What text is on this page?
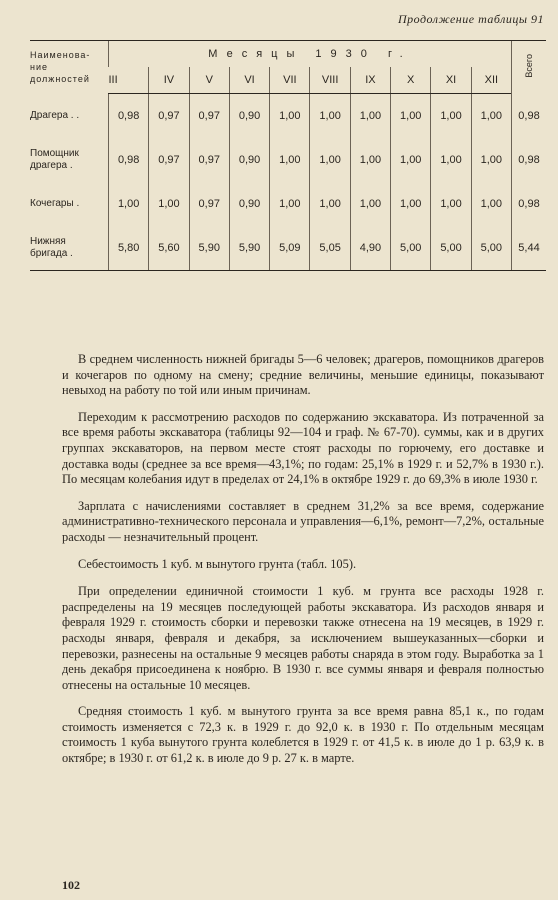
Продолжение таблицы 91
Наименова-
ние
должностей	Месяцы 1930 г.										Всего
	III	IV	V	VI	VII	VIII	IX	X	XI	XII	
Драгера . .	0,98	0,97	0,97	0,90	1,00	1,00	1,00	1,00	1,00	1,00	0,98
Помощник
драгера .	0,98	0,97	0,97	0,90	1,00	1,00	1,00	1,00	1,00	1,00	0,98
Кочегары .	1,00	1,00	0,97	0,90	1,00	1,00	1,00	1,00	1,00	1,00	0,98
Нижняя
бригада .	5,80	5,60	5,90	5,90	5,09	5,05	4,90	5,00	5,00	5,00	5,44

В среднем численность нижней бригады 5—6 человек; драгеров, помощников драгеров и кочегаров по одному на смену; средние величины, меньшие единицы, показывают невыход на работу по той или иным причинам.

Переходим к рассмотрению расходов по содержанию экскаватора. Из потраченной за все время работы экскаватора (таблицы 92—104 и граф. № 67-70). суммы, как и в других группах экскаваторов, на первом месте стоят расходы по горючему, его доставке и доставка воды (среднее за все время—43,1%; по годам: 25,1% в 1929 г. и 52,7% в 1930 г.). По месяцам колебания идут в пределах от 24,1% в октябре 1929 г. до 69,3% в июле 1930 г.

Зарплата с начислениями составляет в среднем 31,2% за все время, содержание административно-технического персонала и управления—6,1%, ремонт—7,2%, остальные расходы — незначительный процент.

Себестоимость 1 куб. м вынутого грунта (табл. 105).

При определении единичной стоимости 1 куб. м грунта все расходы 1928 г. распределены на 19 месяцев последующей работы экскаватора. Из расходов января и февраля 1929 г. стоимость сборки и перевозки также отнесена на 19 месяцев, в 1929 г. расходы января, февраля и декабря, за исключением вышеуказанных—сборки и перевозки, разнесены на остальные 9 месяцев работы снаряда в этом году. Выработка за 1 день декабря присоединена к ноябрю. В 1930 г. все суммы января и февраля полностью отнесены на остальные 10 месяцев.

Средняя стоимость 1 куб. м вынутого грунта за все время равна 85,1 к., по годам стоимость изменяется с 72,3 к. в 1929 г. до 92,0 к. в 1930 г. По отдельным месяцам стоимость 1 куба вынутого грунта колеблется в 1929 г. от 41,5 к. в июле до 1 р. 63,9 к. в октябре; в 1930 г. от 61,2 к. в июле до 9 р. 27 к. в марте.

102
